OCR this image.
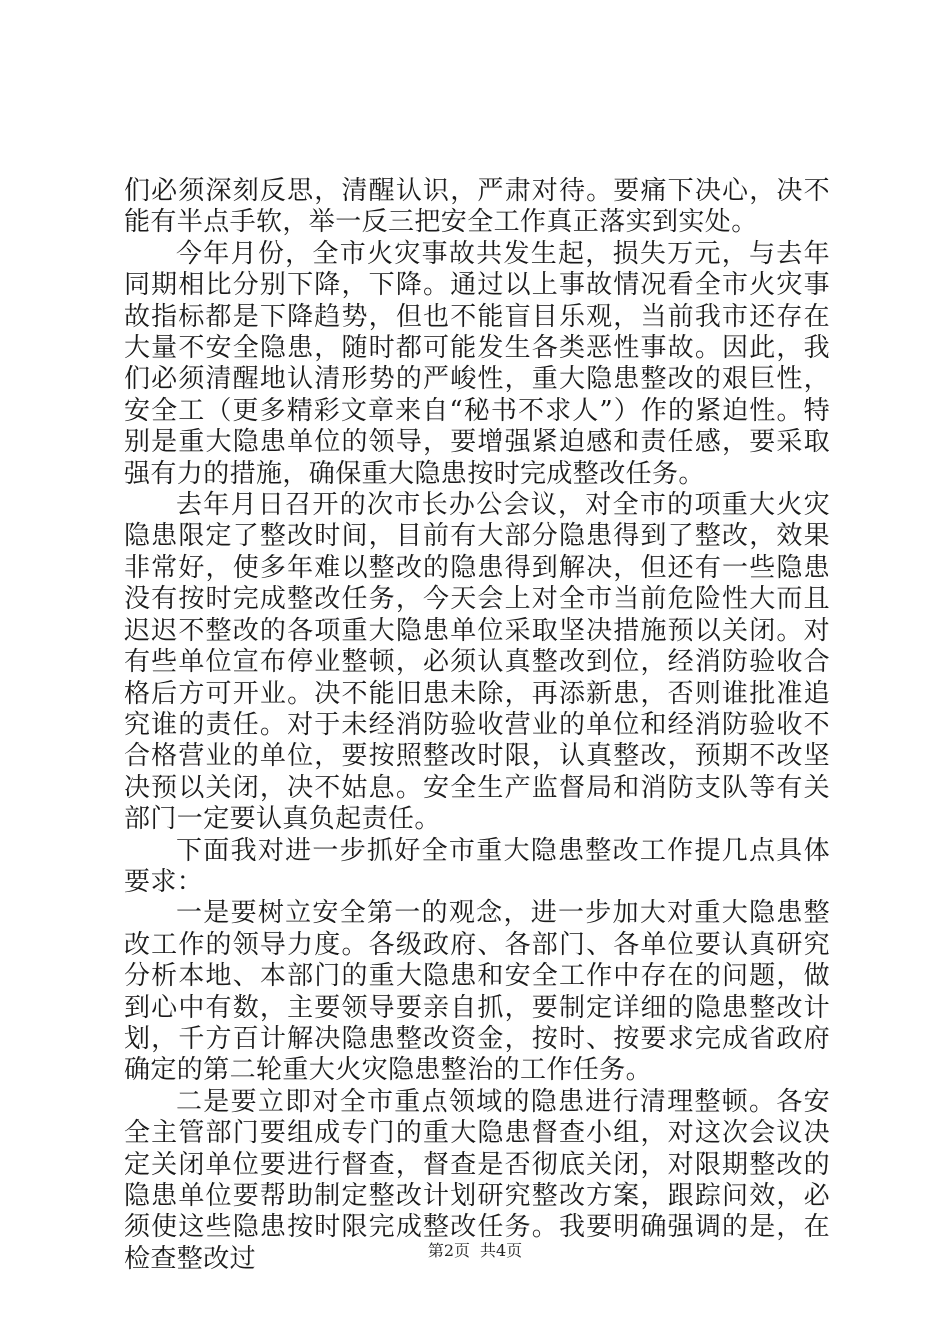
们必须深刻反思，清醒认识，严肃对待。要痛下决心，决不能有半点手软，举一反三把安全工作真正落实到实处。

今年月份，全市火灾事故共发生起，损失万元，与去年同期相比分别下降，下降。通过以上事故情况看全市火灾事故指标都是下降趋势，但也不能盲目乐观，当前我市还存在大量不安全隐患，随时都可能发生各类恶性事故。因此，我们必须清醒地认清形势的严峻性，重大隐患整改的艰巨性，安全工（更多精彩文章来自“秘书不求人”）作的紧迫性。特别是重大隐患单位的领导，要增强紧迫感和责任感，要采取强有力的措施，确保重大隐患按时完成整改任务。

去年月日召开的次市长办公会议，对全市的项重大火灾隐患限定了整改时间，目前有大部分隐患得到了整改，效果非常好，使多年难以整改的隐患得到解决，但还有一些隐患没有按时完成整改任务，今天会上对全市当前危险性大而且迟迟不整改的各项重大隐患单位采取坚决措施预以关闭。对有些单位宣布停业整顿，必须认真整改到位，经消防验收合格后方可开业。决不能旧患未除，再添新患，否则谁批准追究谁的责任。对于未经消防验收营业的单位和经消防验收不合格营业的单位，要按照整改时限，认真整改，预期不改坚决预以关闭，决不姑息。安全生产监督局和消防支队等有关部门一定要认真负起责任。

下面我对进一步抓好全市重大隐患整改工作提几点具体要求：

一是要树立安全第一的观念，进一步加大对重大隐患整改工作的领导力度。各级政府、各部门、各单位要认真研究分析本地、本部门的重大隐患和安全工作中存在的问题，做到心中有数，主要领导要亲自抓，要制定详细的隐患整改计划，千方百计解决隐患整改资金，按时、按要求完成省政府确定的第二轮重大火灾隐患整治的工作任务。

二是要立即对全市重点领域的隐患进行清理整顿。各安全主管部门要组成专门的重大隐患督查小组，对这次会议决定关闭单位要进行督查，督查是否彻底关闭，对限期整改的隐患单位要帮助制定整改计划研究整改方案，跟踪问效，必须使这些隐患按时限完成整改任务。我要明确强调的是，在检查整改过	第2页 共4页
